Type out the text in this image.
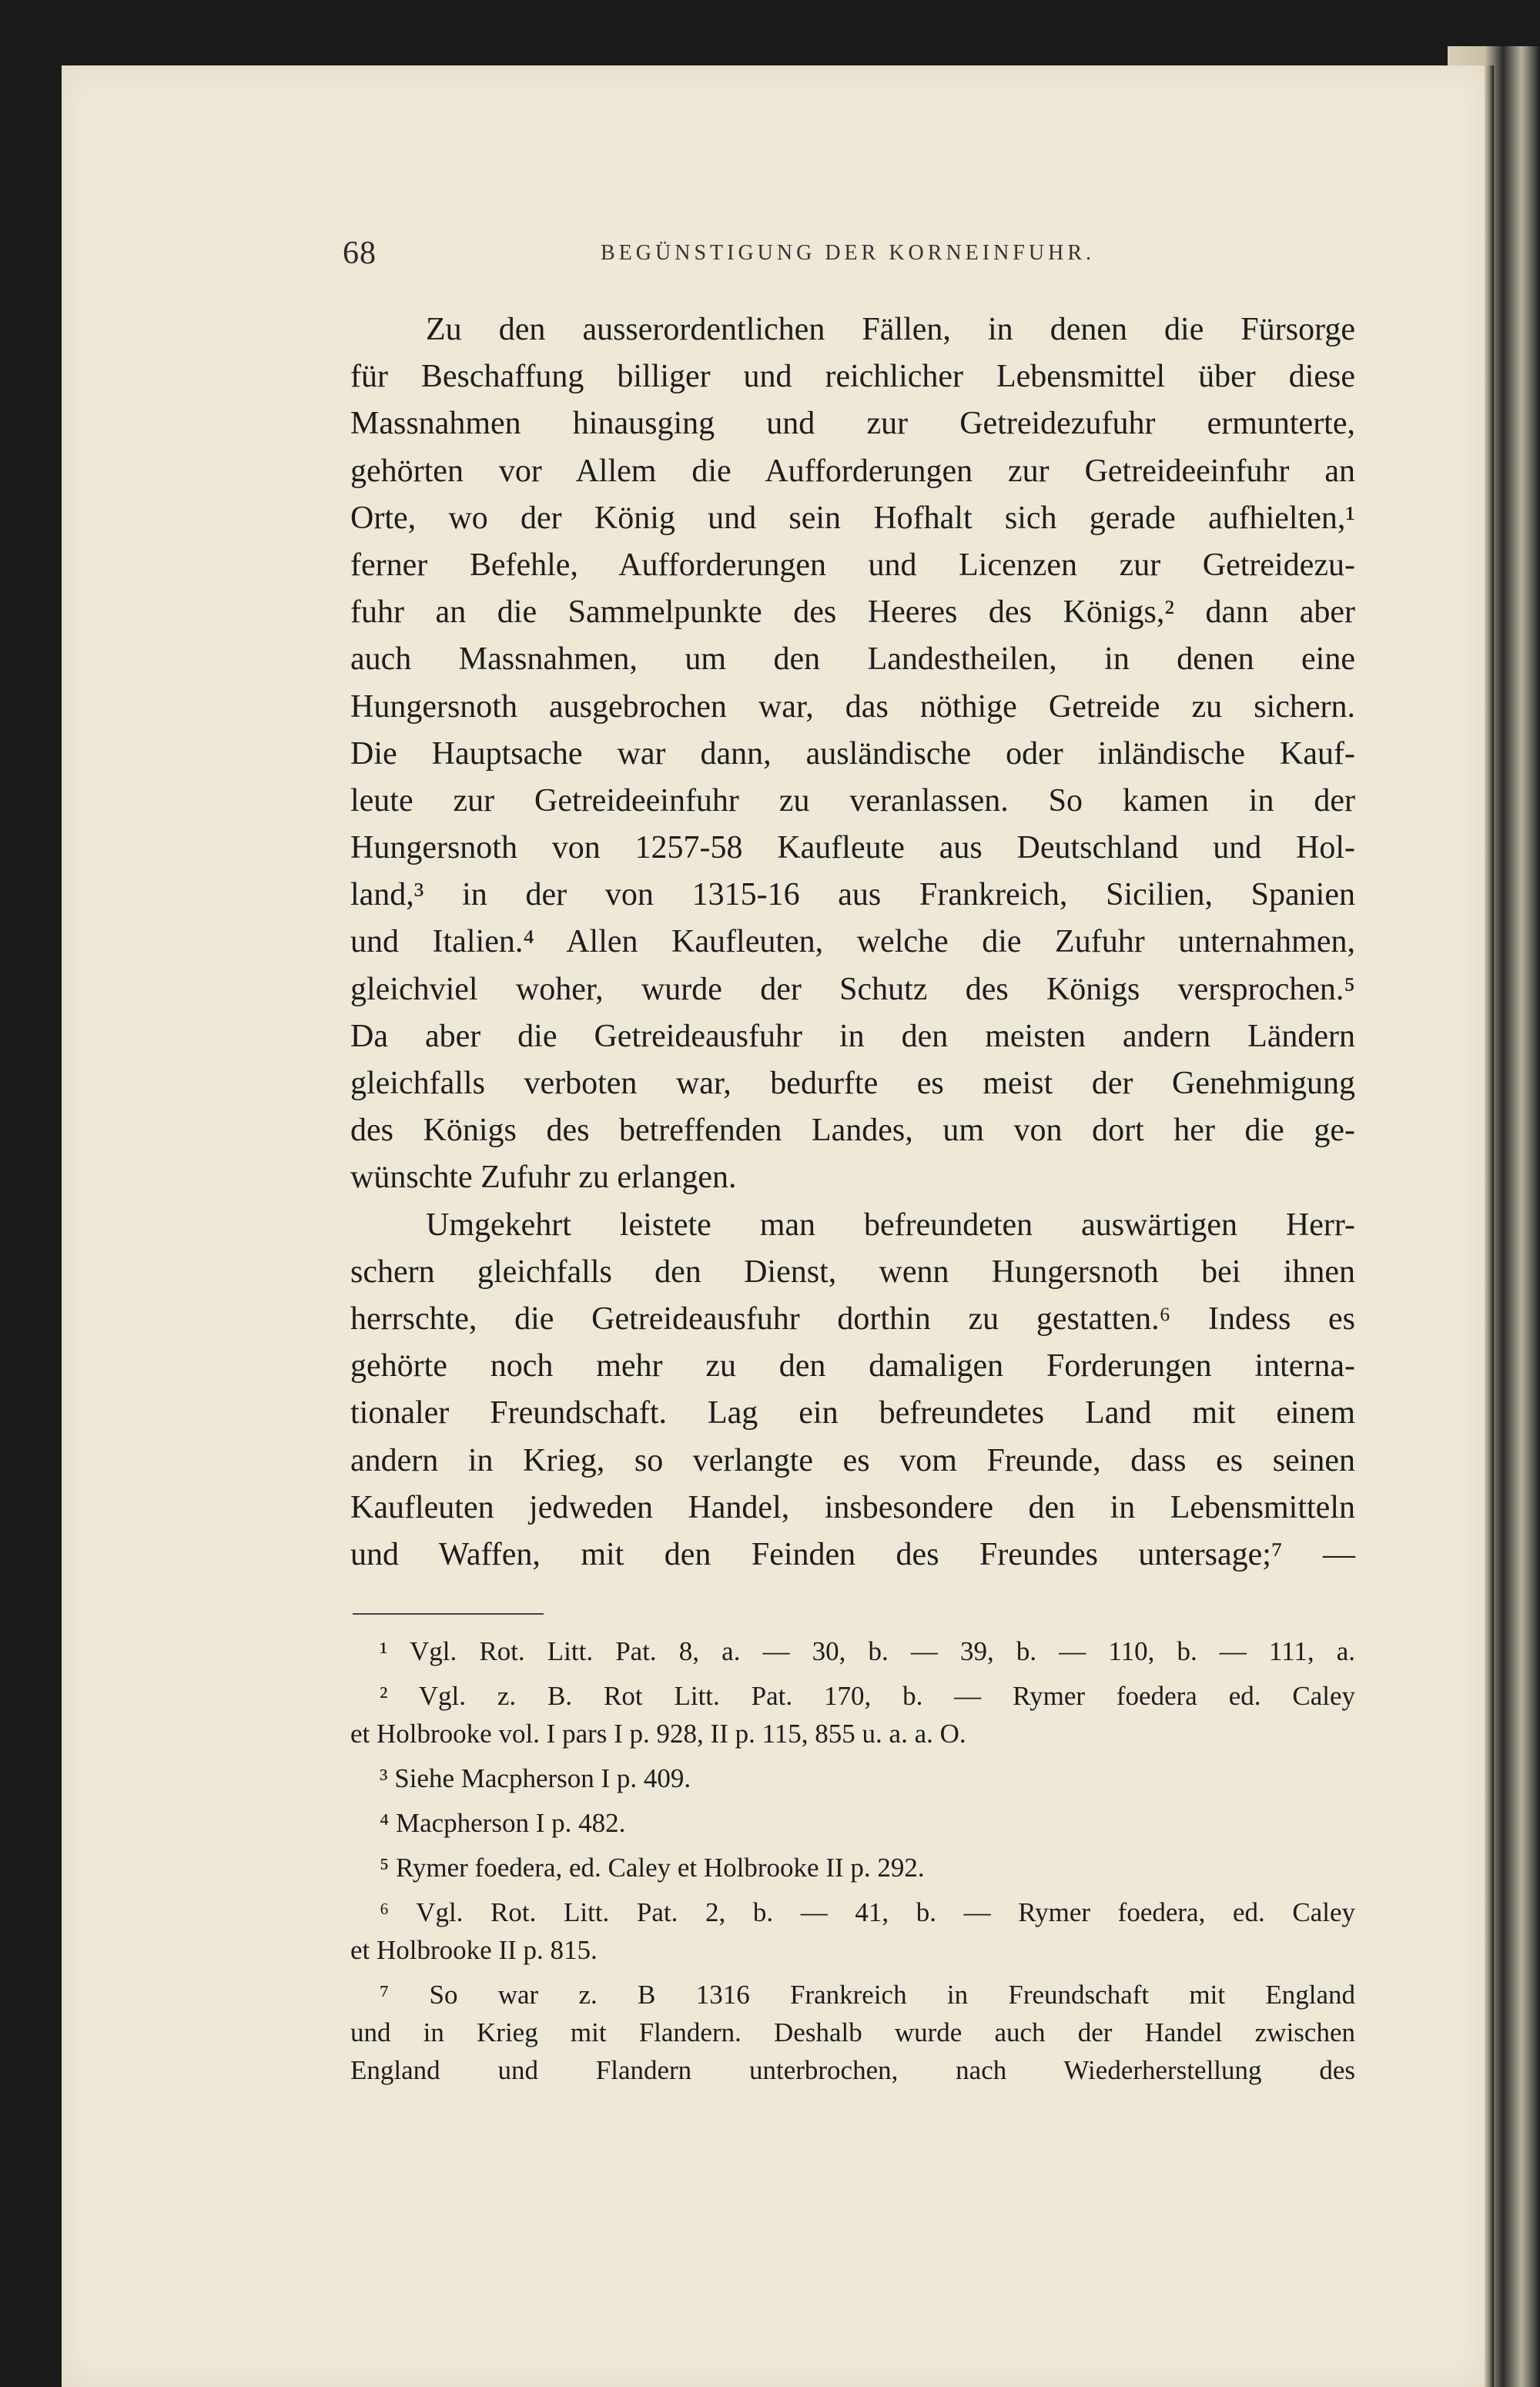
68	BEGÜNSTIGUNG DER KORNEINFUHR.
Zu den ausserordentlichen Fällen, in denen die Fürsorge
für Beschaffung billiger und reichlicher Lebensmittel über diese
Massnahmen hinausging und zur Getreidezufuhr ermunterte,
gehörten vor Allem die Aufforderungen zur Getreideeinfuhr an
Orte, wo der König und sein Hofhalt sich gerade aufhielten,¹
ferner Befehle, Aufforderungen und Licenzen zur Getreidezu-
fuhr an die Sammelpunkte des Heeres des Königs,² dann aber
auch Massnahmen, um den Landestheilen, in denen eine
Hungersnoth ausgebrochen war, das nöthige Getreide zu sichern.
Die Hauptsache war dann, ausländische oder inländische Kauf-
leute zur Getreideeinfuhr zu veranlassen. So kamen in der
Hungersnoth von 1257-58 Kaufleute aus Deutschland und Hol-
land,³ in der von 1315-16 aus Frankreich, Sicilien, Spanien
und Italien.⁴ Allen Kaufleuten, welche die Zufuhr unternahmen,
gleichviel woher, wurde der Schutz des Königs versprochen.⁵
Da aber die Getreideausfuhr in den meisten andern Ländern
gleichfalls verboten war, bedurfte es meist der Genehmigung
des Königs des betreffenden Landes, um von dort her die ge-
wünschte Zufuhr zu erlangen.
Umgekehrt leistete man befreundeten auswärtigen Herr-
schern gleichfalls den Dienst, wenn Hungersnoth bei ihnen
herrschte, die Getreideausfuhr dorthin zu gestatten.⁶ Indess es
gehörte noch mehr zu den damaligen Forderungen interna-
tionaler Freundschaft. Lag ein befreundetes Land mit einem
andern in Krieg, so verlangte es vom Freunde, dass es seinen
Kaufleuten jedweden Handel, insbesondere den in Lebensmitteln
und Waffen, mit den Feinden des Freundes untersage;⁷ —
¹ Vgl. Rot. Litt. Pat. 8, a. — 30, b. — 39, b. — 110, b. — 111, a.
² Vgl. z. B. Rot Litt. Pat. 170, b. — Rymer foedera ed. Caley
et Holbrooke vol. I pars I p. 928, II p. 115, 855 u. a. a. O.
³ Siehe Macpherson I p. 409.
⁴ Macpherson I p. 482.
⁵ Rymer foedera, ed. Caley et Holbrooke II p. 292.
⁶ Vgl. Rot. Litt. Pat. 2, b. — 41, b. — Rymer foedera, ed. Caley
et Holbrooke II p. 815.
⁷ So war z. B 1316 Frankreich in Freundschaft mit England
und in Krieg mit Flandern. Deshalb wurde auch der Handel zwischen
England und Flandern unterbrochen, nach Wiederherstellung des
